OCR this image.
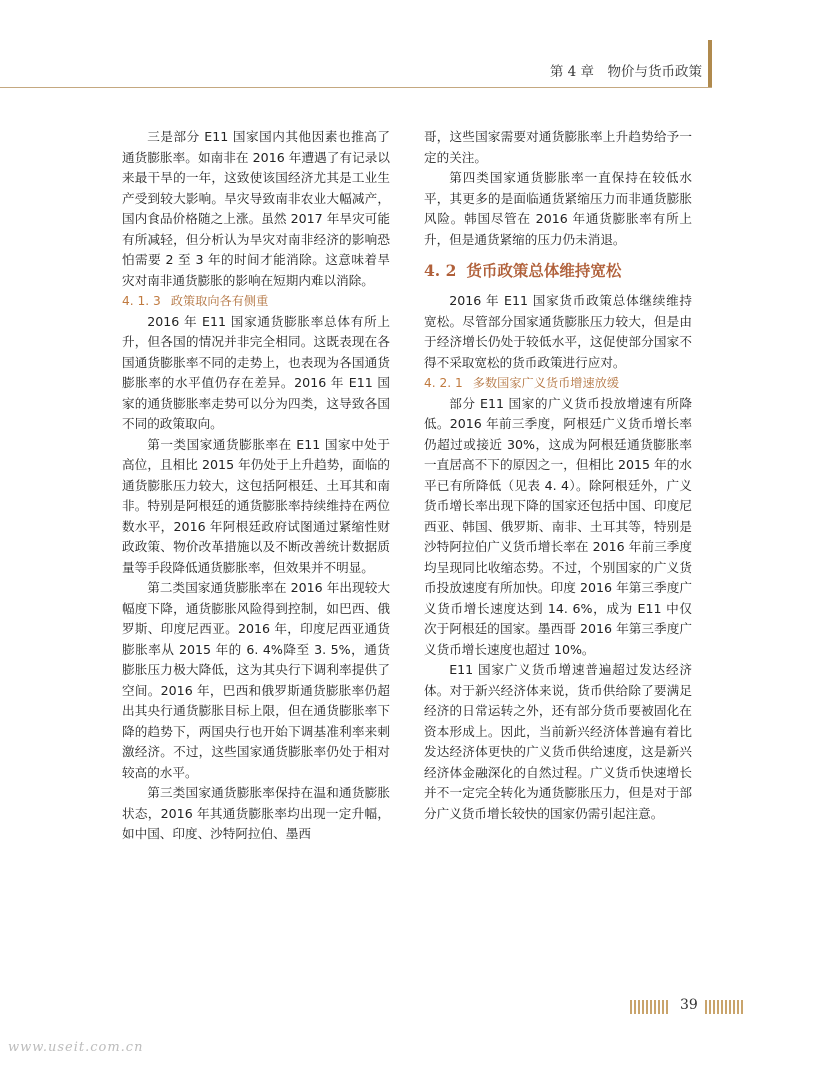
第 4 章　物价与货币政策

三是部分 E11 国家国内其他因素也推高了通货膨胀率。如南非在 2016 年遭遇了有记录以来最干旱的一年，这致使该国经济尤其是工业生产受到较大影响。旱灾导致南非农业大幅减产，国内食品价格随之上涨。虽然 2017 年旱灾可能有所减轻，但分析认为旱灾对南非经济的影响恐怕需要 2 至 3 年的时间才能消除。这意味着旱灾对南非通货膨胀的影响在短期内难以消除。

4. 1. 3 政策取向各有侧重

2016 年 E11 国家通货膨胀率总体有所上升，但各国的情况并非完全相同。这既表现在各国通货膨胀率不同的走势上，也表现为各国通货膨胀率的水平值仍存在差异。2016 年 E11 国家的通货膨胀率走势可以分为四类，这导致各国不同的政策取向。

第一类国家通货膨胀率在 E11 国家中处于高位，且相比 2015 年仍处于上升趋势，面临的通货膨胀压力较大，这包括阿根廷、土耳其和南非。特别是阿根廷的通货膨胀率持续维持在两位数水平，2016 年阿根廷政府试图通过紧缩性财政政策、物价改革措施以及不断改善统计数据质量等手段降低通货膨胀率，但效果并不明显。

第二类国家通货膨胀率在 2016 年出现较大幅度下降，通货膨胀风险得到控制，如巴西、俄罗斯、印度尼西亚。2016 年，印度尼西亚通货膨胀率从 2015 年的 6. 4%降至 3. 5%，通货膨胀压力极大降低，这为其央行下调利率提供了空间。2016 年，巴西和俄罗斯通货膨胀率仍超出其央行通货膨胀目标上限，但在通货膨胀率下降的趋势下，两国央行也开始下调基准利率来刺激经济。不过，这些国家通货膨胀率仍处于相对较高的水平。

第三类国家通货膨胀率保持在温和通货膨胀状态，2016 年其通货膨胀率均出现一定升幅，如中国、印度、沙特阿拉伯、墨西

哥，这些国家需要对通货膨胀率上升趋势给予一定的关注。

第四类国家通货膨胀率一直保持在较低水平，其更多的是面临通货紧缩压力而非通货膨胀风险。韩国尽管在 2016 年通货膨胀率有所上升，但是通货紧缩的压力仍未消退。

4. 2 货币政策总体维持宽松

2016 年 E11 国家货币政策总体继续维持宽松。尽管部分国家通货膨胀压力较大，但是由于经济增长仍处于较低水平，这促使部分国家不得不采取宽松的货币政策进行应对。

4. 2. 1 多数国家广义货币增速放缓

部分 E11 国家的广义货币投放增速有所降低。2016 年前三季度，阿根廷广义货币增长率仍超过或接近 30%，这成为阿根廷通货膨胀率一直居高不下的原因之一，但相比 2015 年的水平已有所降低（见表 4. 4）。除阿根廷外，广义货币增长率出现下降的国家还包括中国、印度尼西亚、韩国、俄罗斯、南非、土耳其等，特别是沙特阿拉伯广义货币增长率在 2016 年前三季度均呈现同比收缩态势。不过，个别国家的广义货币投放速度有所加快。印度 2016 年第三季度广义货币增长速度达到 14. 6%，成为 E11 中仅次于阿根廷的国家。墨西哥 2016 年第三季度广义货币增长速度也超过 10%。

E11 国家广义货币增速普遍超过发达经济体。对于新兴经济体来说，货币供给除了要满足经济的日常运转之外，还有部分货币要被固化在资本形成上。因此，当前新兴经济体普遍有着比发达经济体更快的广义货币供给速度，这是新兴经济体金融深化的自然过程。广义货币快速增长并不一定完全转化为通货膨胀压力，但是对于部分广义货币增长较快的国家仍需引起注意。

39
www.useit.com.cn
